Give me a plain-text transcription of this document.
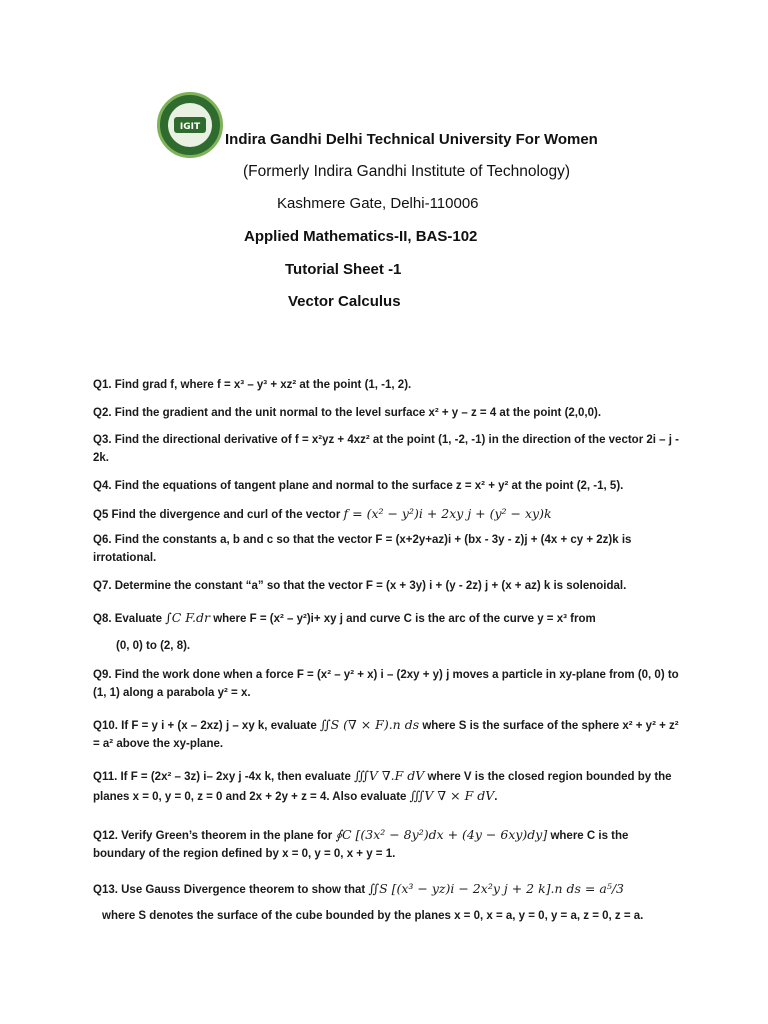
IGIT
Indira Gandhi Delhi Technical University For Women
(Formerly Indira Gandhi Institute of Technology)
Kashmere Gate, Delhi-110006
Applied Mathematics-II, BAS-102
Tutorial Sheet -1
Vector Calculus
Q1. Find grad f, where f = x³ – y³ + xz² at the point (1, -1, 2).
Q2. Find the gradient and the unit normal to the level surface x² + y – z = 4 at the point (2,0,0).
Q3. Find the directional derivative of f = x²yz + 4xz² at the point (1, -2, -1) in the direction of the vector 2i – j - 2k.
Q4. Find the equations of tangent plane and normal to the surface z = x² + y² at the point (2, -1, 5).
Q5 Find the divergence and curl of the vector f = (x² − y²)i + 2xy j + (y² − xy)k
Q6. Find the constants a, b and c so that the vector F = (x+2y+az)i + (bx - 3y - z)j + (4x + cy + 2z)k is irrotational.
Q7. Determine the constant “a” so that the vector F = (x + 3y) i + (y - 2z) j + (x + az) k is solenoidal.
Q8. Evaluate ∫C F.dr where F = (x² – y²)i+ xy j and curve C is the arc of the curve y = x³ from
(0, 0) to (2, 8).
Q9. Find the work done when a force F = (x² – y² + x) i – (2xy + y) j moves a particle in xy-plane from (0, 0) to (1, 1) along a parabola y² = x.
Q10. If F = y i + (x – 2xz) j – xy k, evaluate ∬S (∇ × F).n ds where S is the surface of the sphere x² + y² + z² = a² above the xy-plane.
Q11. If F = (2x² – 3z) i– 2xy j -4x k, then evaluate ∭V ∇.F dV where V is the closed region bounded by the planes x = 0, y = 0, z = 0 and 2x + 2y + z = 4. Also evaluate ∭V ∇ × F dV.
Q12. Verify Green’s theorem in the plane for ∮C [(3x² − 8y²)dx + (4y − 6xy)dy] where C is the boundary of the region defined by x = 0, y = 0, x + y = 1.
Q13. Use Gauss Divergence theorem to show that ∬S [(x³ − yz)i − 2x²y j + 2 k].n ds = a⁵/3
where S denotes the surface of the cube bounded by the planes x = 0, x = a, y = 0, y = a, z = 0, z = a.
